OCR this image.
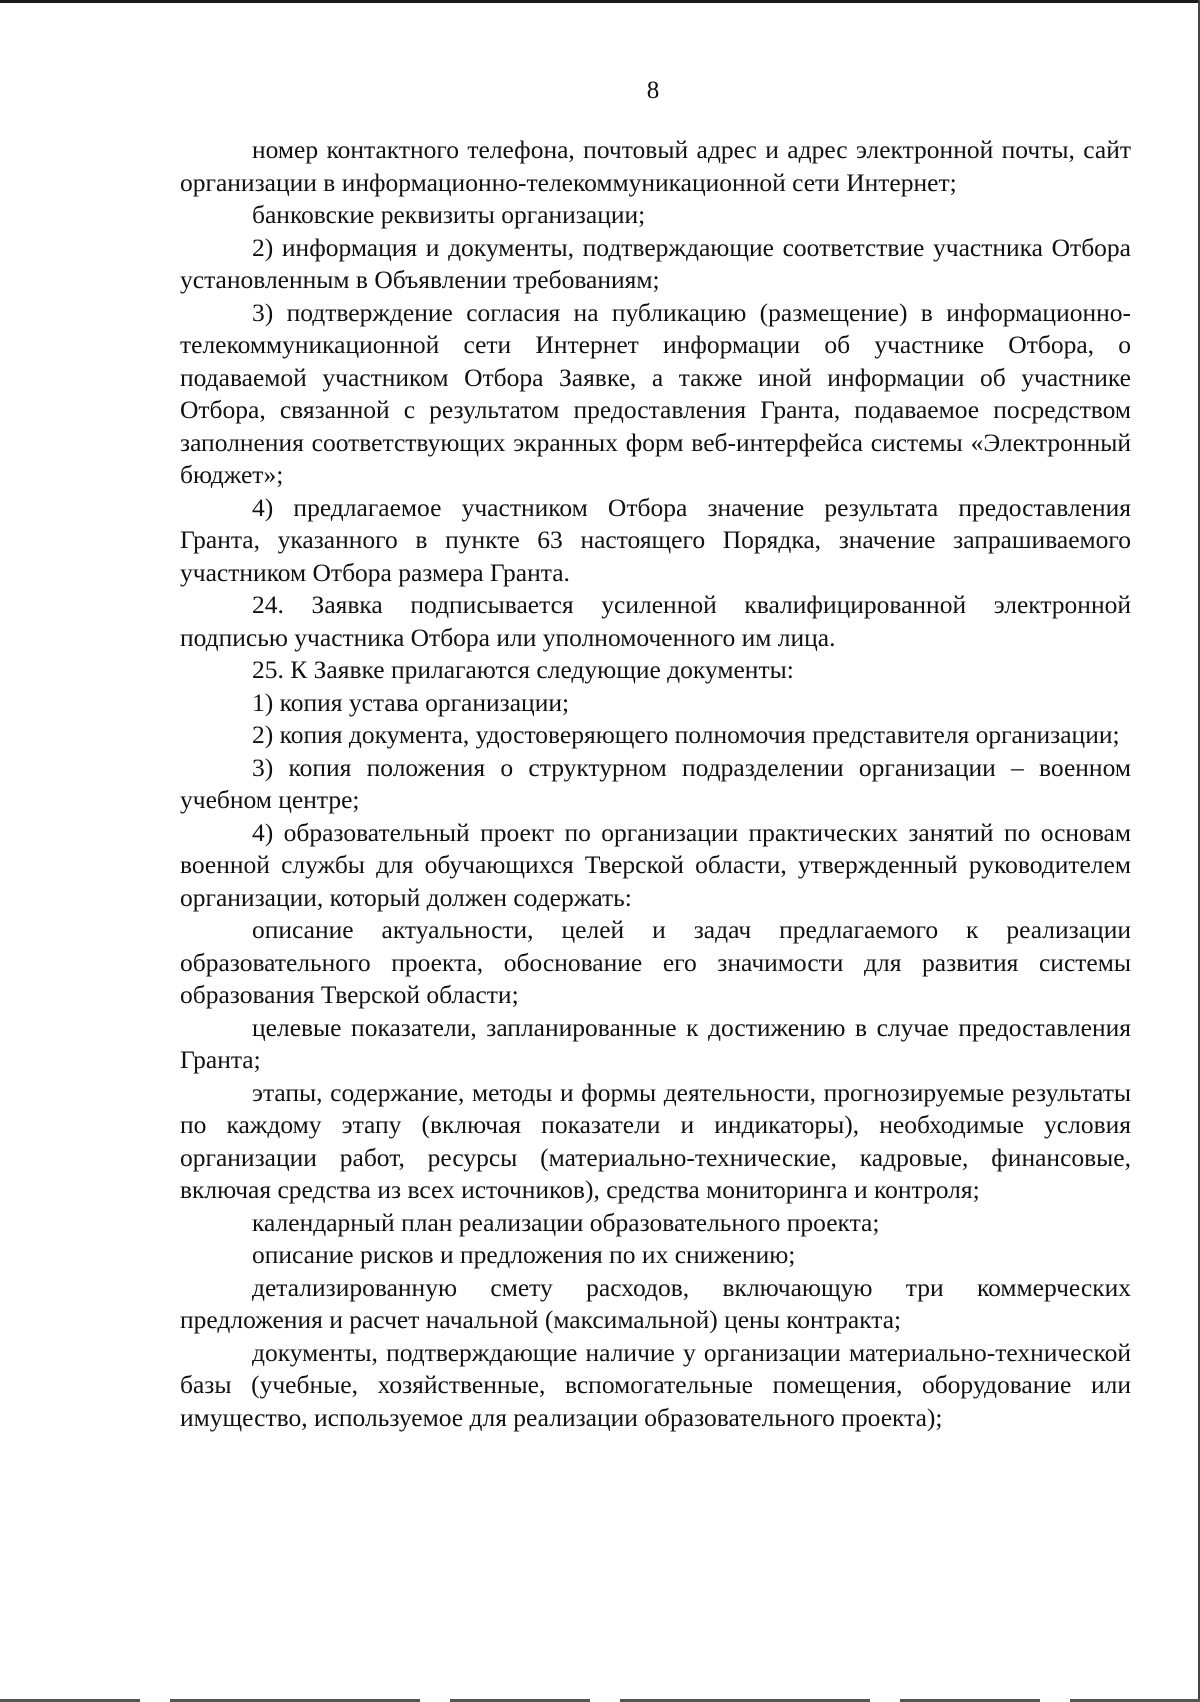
8

номер контактного телефона, почтовый адрес и адрес электронной почты, сайт организации в информационно-телекоммуникационной сети Интернет;

банковские реквизиты организации;

2) информация и документы, подтверждающие соответствие участника Отбора установленным в Объявлении требованиям;

3) подтверждение согласия на публикацию (размещение) в информационно-телекоммуникационной сети Интернет информации об участнике Отбора, о подаваемой участником Отбора Заявке, а также иной информации об участнике Отбора, связанной с результатом предоставления Гранта, подаваемое посредством заполнения соответствующих экранных форм веб-интерфейса системы «Электронный бюджет»;

4) предлагаемое участником Отбора значение результата предоставления Гранта, указанного в пункте 63 настоящего Порядка, значение запрашиваемого участником Отбора размера Гранта.

24. Заявка подписывается усиленной квалифицированной электронной подписью участника Отбора или уполномоченного им лица.

25. К Заявке прилагаются следующие документы:

1) копия устава организации;

2) копия документа, удостоверяющего полномочия представителя организации;

3) копия положения о структурном подразделении организации – военном учебном центре;

4) образовательный проект по организации практических занятий по основам военной службы для обучающихся Тверской области, утвержденный руководителем организации, который должен содержать:

описание актуальности, целей и задач предлагаемого к реализации образовательного проекта, обоснование его значимости для развития системы образования Тверской области;

целевые показатели, запланированные к достижению в случае предоставления Гранта;

этапы, содержание, методы и формы деятельности, прогнозируемые результаты по каждому этапу (включая показатели и индикаторы), необходимые условия организации работ, ресурсы (материально-технические, кадровые, финансовые, включая средства из всех источников), средства мониторинга и контроля;

календарный план реализации образовательного проекта;

описание рисков и предложения по их снижению;

детализированную смету расходов, включающую три коммерческих предложения и расчет начальной (максимальной) цены контракта;

документы, подтверждающие наличие у организации материально-технической базы (учебные, хозяйственные, вспомогательные помещения, оборудование или имущество, используемое для реализации образовательного проекта);
